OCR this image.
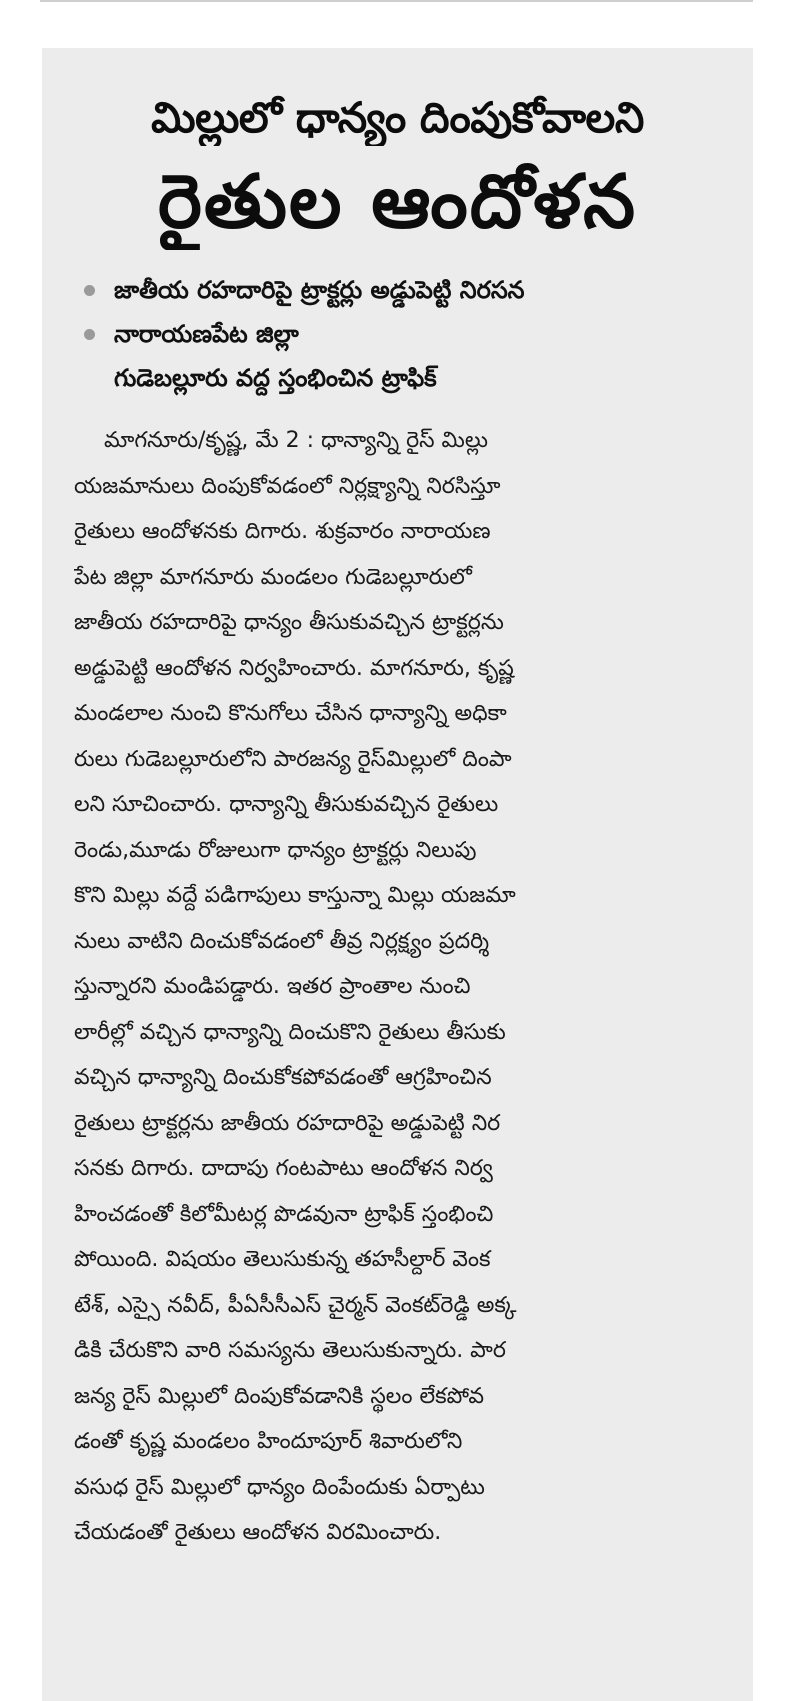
మిల్లులో ధాన్యం దింపుకోవాలని
రైతుల ఆందోళన
జాతీయ రహదారిపై ట్రాక్టర్లు అడ్డుపెట్టి నిరసన
నారాయణపేట జిల్లా
గుడెబల్లూరు వద్ద స్తంభించిన ట్రాఫిక్
మాగనూరు/కృష్ణ, మే 2 : ధాన్యాన్ని రైస్ మిల్లు
యజమానులు దింపుకోవడంలో నిర్లక్ష్యాన్ని నిరసిస్తూ
రైతులు ఆందోళనకు దిగారు. శుక్రవారం నారాయణ
పేట జిల్లా మాగనూరు మండలం గుడెబల్లూరులో
జాతీయ రహదారిపై ధాన్యం తీసుకువచ్చిన ట్రాక్టర్లను
అడ్డుపెట్టి ఆందోళన నిర్వహించారు. మాగనూరు, కృష్ణ
మండలాల నుంచి కొనుగోలు చేసిన ధాన్యాన్ని అధికా
రులు గుడెబల్లూరులోని పారజన్య రైస్‌మిల్లులో దింపా
లని సూచించారు. ధాన్యాన్ని తీసుకువచ్చిన రైతులు
రెండు,మూడు రోజులుగా ధాన్యం ట్రాక్టర్లు నిలుపు
కొని మిల్లు వద్దే పడిగాపులు కాస్తున్నా మిల్లు యజమా
నులు వాటిని దించుకోవడంలో తీవ్ర నిర్లక్ష్యం ప్రదర్శి
స్తున్నారని మండిపడ్డారు. ఇతర ప్రాంతాల నుంచి
లారీల్లో వచ్చిన ధాన్యాన్ని దించుకొని రైతులు తీసుకు
వచ్చిన ధాన్యాన్ని దించుకోకపోవడంతో ఆగ్రహించిన
రైతులు ట్రాక్టర్లను జాతీయ రహదారిపై అడ్డుపెట్టి నిర
సనకు దిగారు. దాదాపు గంటపాటు ఆందోళన నిర్వ
హించడంతో కిలోమీటర్ల పొడవునా ట్రాఫిక్ స్తంభించి
పోయింది. విషయం తెలుసుకున్న తహసీల్దార్ వెంక
టేశ్, ఎస్సై నవీద్, పీఏసీసీఎస్ చైర్మన్ వెంకట్‌రెడ్డి అక్క
డికి చేరుకొని వారి సమస్యను తెలుసుకున్నారు. పార
జన్య రైస్ మిల్లులో దింపుకోవడానికి స్థలం లేకపోవ
డంతో కృష్ణ మండలం హిందూపూర్ శివారులోని
వసుధ రైస్ మిల్లులో ధాన్యం దింపేందుకు ఏర్పాటు
చేయడంతో రైతులు ఆందోళన విరమించారు.
